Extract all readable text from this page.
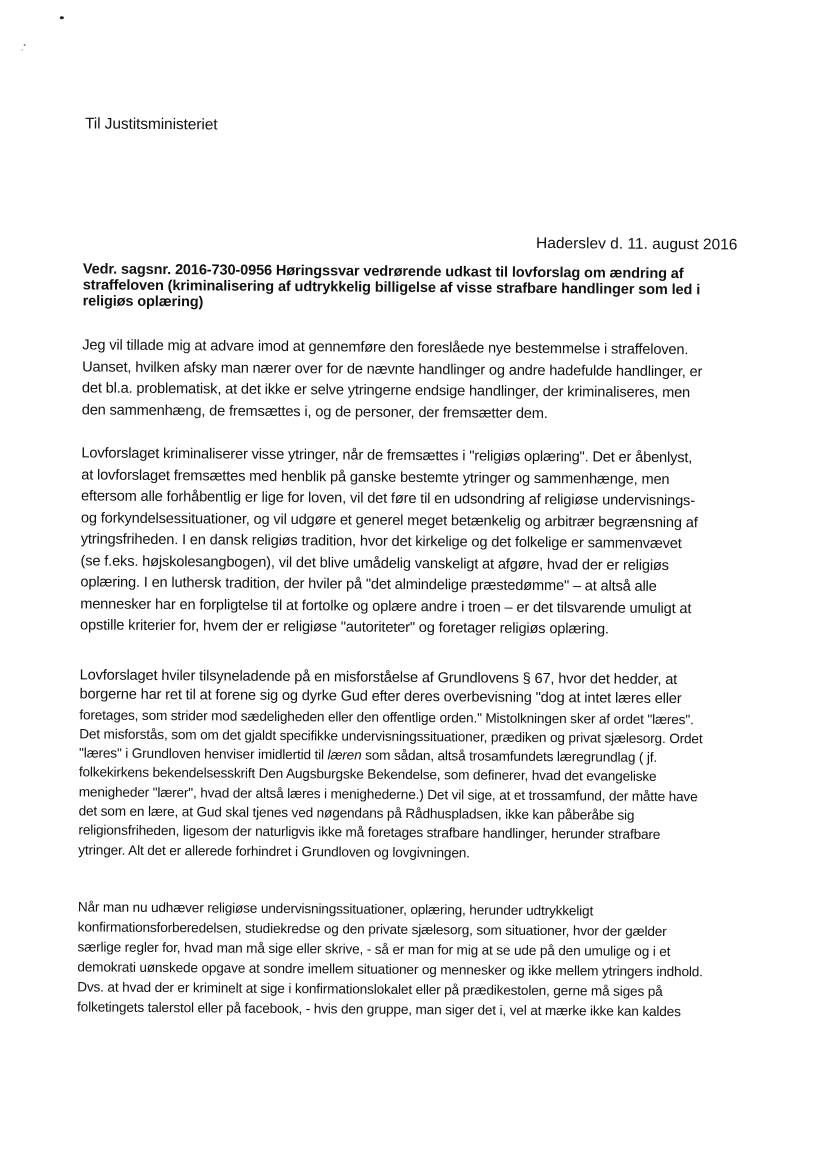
Til Justitsministeriet
Haderslev d. 11. august 2016
Vedr. sagsnr. 2016-730-0956 Høringssvar vedrørende udkast til lovforslag om ændring af
straffeloven (kriminalisering af udtrykkelig billigelse af visse strafbare handlinger som led i
religiøs oplæring)
Jeg vil tillade mig at advare imod at gennemføre den foreslåede nye bestemmelse i straffeloven.
Uanset, hvilken afsky man nærer over for de nævnte handlinger og andre hadefulde handlinger, er
det bl.a. problematisk, at det ikke er selve ytringerne endsige handlinger, der kriminaliseres, men
den sammenhæng, de fremsættes i, og de personer, der fremsætter dem.
Lovforslaget kriminaliserer visse ytringer, når de fremsættes i "religiøs oplæring". Det er åbenlyst,
at lovforslaget fremsættes med henblik på ganske bestemte ytringer og sammenhænge, men
eftersom alle forhåbentlig er lige for loven, vil det føre til en udsondring af religiøse undervisnings-
og forkyndelsessituationer, og vil udgøre et generel meget betænkelig og arbitrær begrænsning af
ytringsfriheden. I en dansk religiøs tradition, hvor det kirkelige og det folkelige er sammenvævet
(se f.eks. højskolesangbogen), vil det blive umådelig vanskeligt at afgøre, hvad der er religiøs
oplæring. I en luthersk tradition, der hviler på "det almindelige præstedømme" – at altså alle
mennesker har en forpligtelse til at fortolke og oplære andre i troen – er det tilsvarende umuligt at
opstille kriterier for, hvem der er religiøse "autoriteter" og foretager religiøs oplæring.
Lovforslaget hviler tilsyneladende på en misforståelse af Grundlovens § 67, hvor det hedder, at
borgerne har ret til at forene sig og dyrke Gud efter deres overbevisning "dog at intet læres eller
foretages, som strider mod sædeligheden eller den offentlige orden." Mistolkningen sker af ordet "læres".
Det misforstås, som om det gjaldt specifikke undervisningssituationer, prædiken og privat sjælesorg. Ordet
"læres" i Grundloven henviser imidlertid til læren som sådan, altså trosamfundets læregrundlag ( jf.
folkekirkens bekendelsesskrift Den Augsburgske Bekendelse, som definerer, hvad det evangeliske
menigheder "lærer", hvad der altså læres i menighederne.) Det vil sige, at et trossamfund, der måtte have
det som en lære, at Gud skal tjenes ved nøgendans på Rådhuspladsen, ikke kan påberåbe sig
religionsfriheden, ligesom der naturligvis ikke må foretages strafbare handlinger, herunder strafbare
ytringer. Alt det er allerede forhindret i Grundloven og lovgivningen.
Når man nu udhæver religiøse undervisningssituationer, oplæring, herunder udtrykkeligt
konfirmationsforberedelsen, studiekredse og den private sjælesorg, som situationer, hvor der gælder
særlige regler for, hvad man må sige eller skrive, - så er man for mig at se ude på den umulige og i et
demokrati uønskede opgave at sondre imellem situationer og mennesker og ikke mellem ytringers indhold.
Dvs. at hvad der er kriminelt at sige i konfirmationslokalet eller på prædikestolen, gerne må siges på
folketingets talerstol eller på facebook, - hvis den gruppe, man siger det i, vel at mærke ikke kan kaldes
